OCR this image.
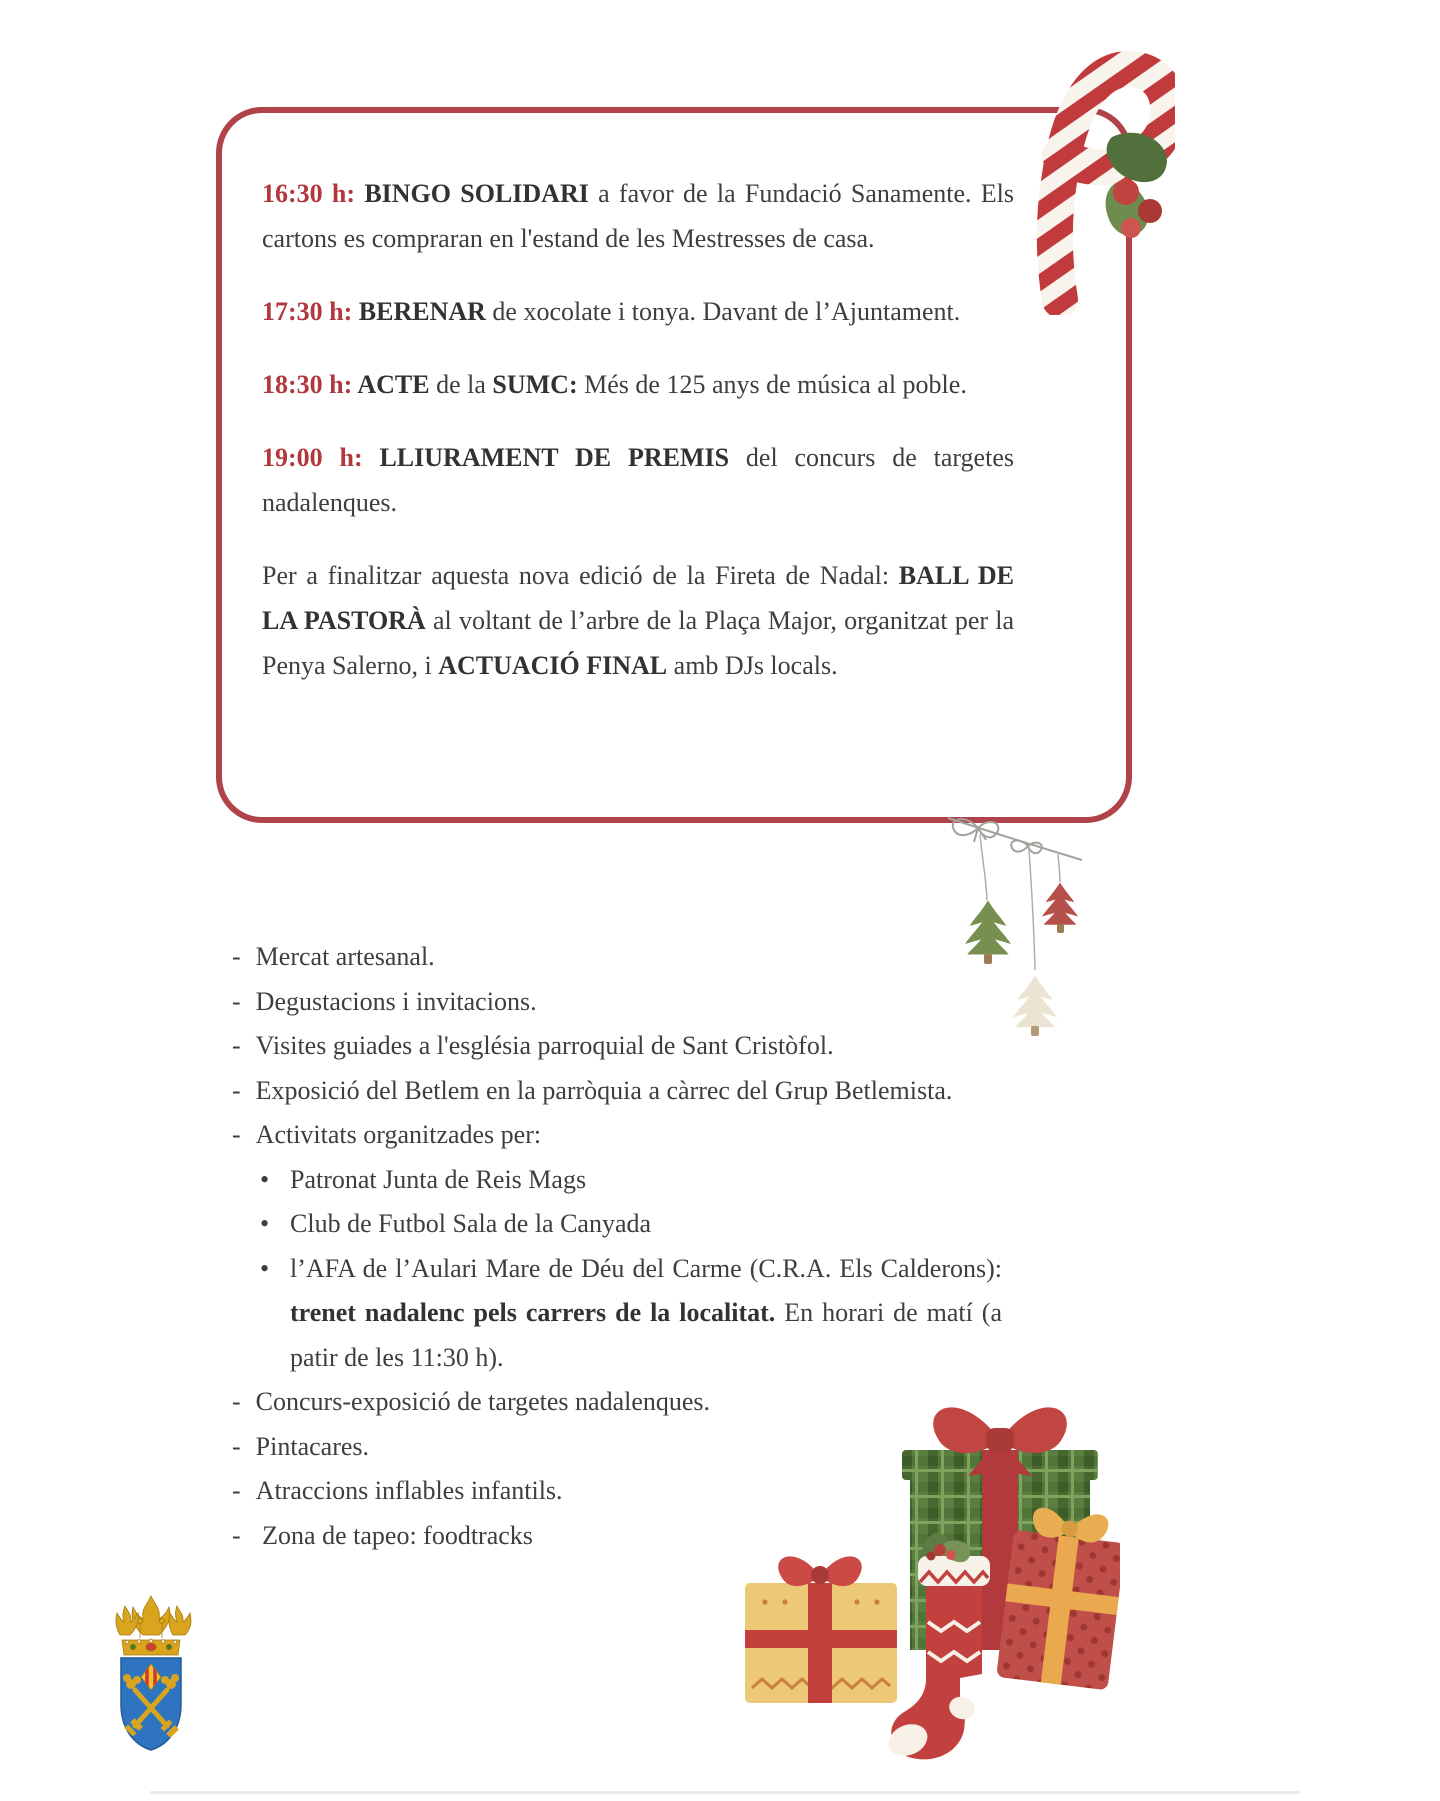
16:30 h: BINGO SOLIDARI a favor de la Fundació Sanamente. Els cartons es compraran en l'estand de les Mestresses de casa.

17:30 h: BERENAR de xocolate i tonya. Davant de l’Ajuntament.

18:30 h: ACTE de la SUMC: Més de 125 anys de música al poble.

19:00 h: LLIURAMENT DE PREMIS del concurs de targetes nadalenques.

Per a finalitzar aquesta nova edició de la Fireta de Nadal: BALL DE LA PASTORÀ al voltant de l’arbre de la Plaça Major, organitzat per la Penya Salerno, i ACTUACIÓ FINAL amb DJs locals.

- Mercat artesanal.
- Degustacions i invitacions.
- Visites guiades a l'església parroquial de Sant Cristòfol.
- Exposició del Betlem en la parròquia a càrrec del Grup Betlemista.
- Activitats organitzades per:
• Patronat Junta de Reis Mags
• Club de Futbol Sala de la Canyada
• l’AFA de l’Aulari Mare de Déu del Carme (C.R.A. Els Calderons): trenet nadalenc pels carrers de la localitat. En horari de matí (a patir de les 11:30 h).
- Concurs-exposició de targetes nadalenques.
- Pintacares.
- Atraccions inflables infantils.
- Zona de tapeo: foodtracks
